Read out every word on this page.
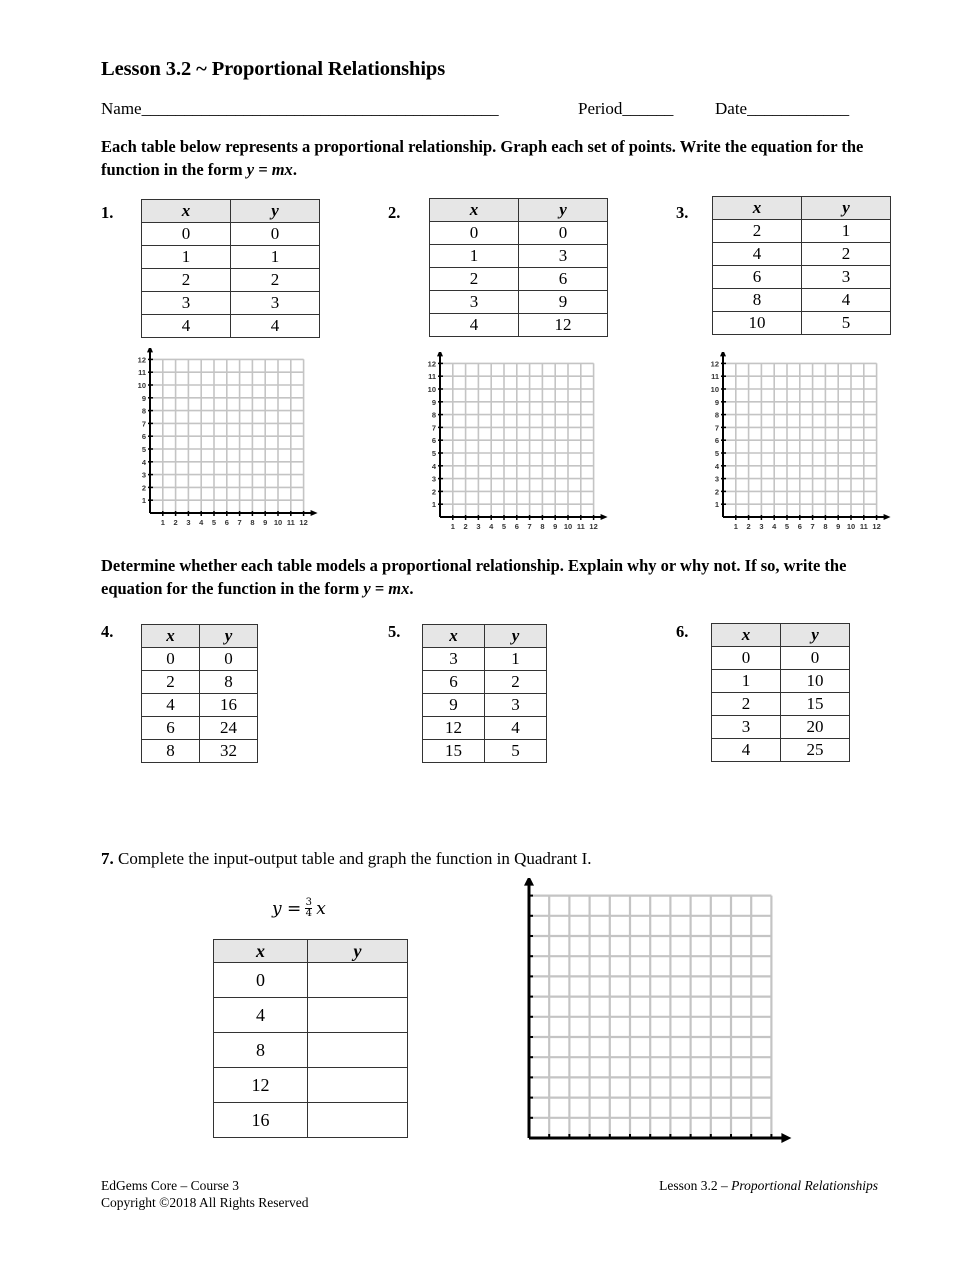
Lesson 3.2 ~ Proportional Relationships
Name__________________________________________	Period______ Date____________
Each table below represents a proportional relationship. Graph each set of points. Write the equation for the function in the form y = mx.
1.	x	y
0	0
1	1
2	2
3	3
4	4
2.	x	y
0	0
1	3
2	6
3	9
4	12
3.	x	y
2	1
4	2
6	3
8	4
10	5
Determine whether each table models a proportional relationship. Explain why or why not. If so, write the equation for the function in the form y = mx.
4.	x	y
0	0
2	8
4	16
6	24
8	32
5.	x	y
3	1
6	2
9	3
12	4
15	5
6.	x	y
0	0
1	10
2	15
3	20
4	25
7. Complete the input-output table and graph the function in Quadrant I.
$y = \frac{3}{4}$ x
x	y
0	
4	
8	
12	
16	
EdGems Core – Course 3
Copyright ©2018 All Rights Reserved
Lesson 3.2 – Proportional Relationships
1 2 3 4 5 6 7 8 9 10 11 12
1
2
3
4
5
6
7
8
9
10
11
12
1 2 3 4 5 6 7 8 9 10 11 12
1
2
3
4
5
6
7
8
9
10
11
12
1 2 3 4 5 6 7 8 9 10 11 12
1
2
3
4
5
6
7
8
9
10
11
12
